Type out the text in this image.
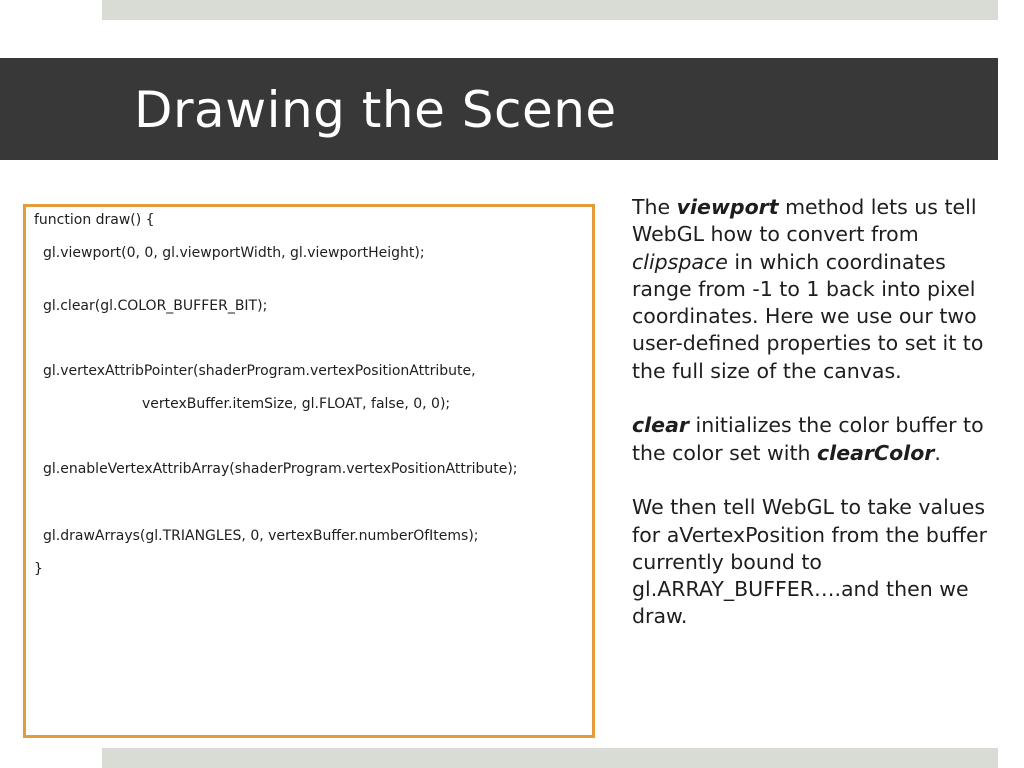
Drawing the Scene
function draw() {
gl.viewport(0, 0, gl.viewportWidth, gl.viewportHeight);
gl.clear(gl.COLOR_BUFFER_BIT);
gl.vertexAttribPointer(shaderProgram.vertexPositionAttribute,
vertexBuffer.itemSize, gl.FLOAT, false, 0, 0);
gl.enableVertexAttribArray(shaderProgram.vertexPositionAttribute);
gl.drawArrays(gl.TRIANGLES, 0, vertexBuffer.numberOfItems);
}

The viewport method lets us tell WebGL how to convert from clipspace in which coordinates range from -1 to 1 back into pixel coordinates. Here we use our two user-defined properties to set it to the full size of the canvas.

clear initializes the color buffer to the color set with clearColor.

We then tell WebGL to take values for aVertexPosition from the buffer currently bound to gl.ARRAY_BUFFER….and then we draw.
